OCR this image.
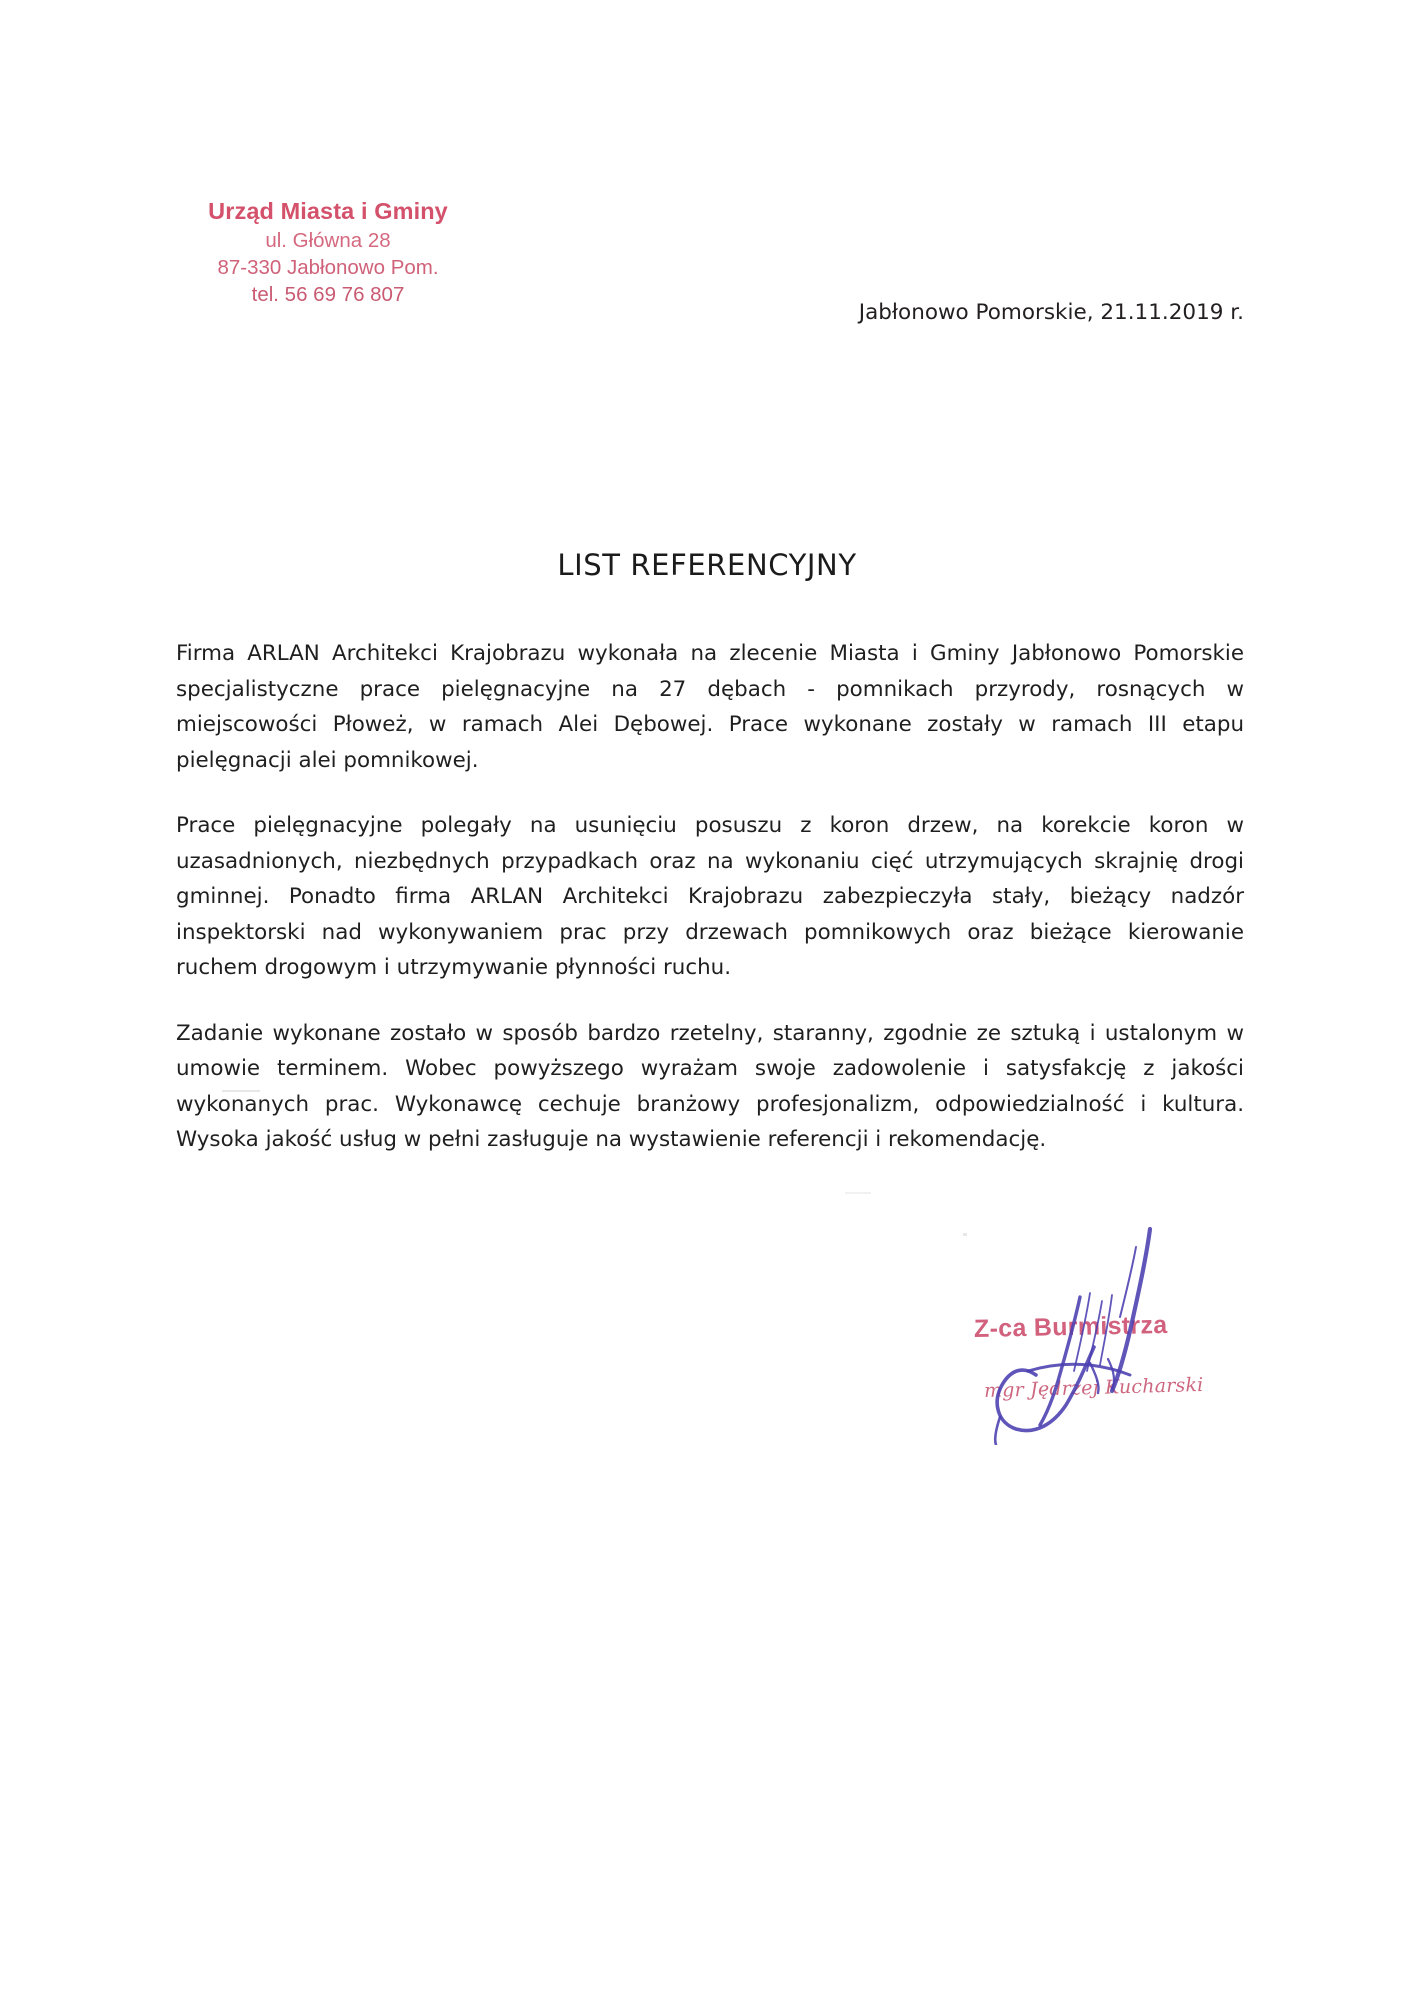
Urząd Miasta i Gminy
ul. Główna 28
87-330 Jabłonowo Pom.
tel. 56 69 76 807
Jabłonowo Pomorskie, 21.11.2019 r.
LIST REFERENCYJNY

Firma ARLAN Architekci Krajobrazu wykonała na zlecenie Miasta i Gminy Jabłonowo Pomorskie specjalistyczne prace pielęgnacyjne na 27 dębach - pomnikach przyrody, rosnących w miejscowości Płoweż, w ramach Alei Dębowej. Prace wykonane zostały w ramach III etapu pielęgnacji alei pomnikowej.

Prace pielęgnacyjne polegały na usunięciu posuszu z koron drzew, na korekcie koron w uzasadnionych, niezbędnych przypadkach oraz na wykonaniu cięć utrzymujących skrajnię drogi gminnej. Ponadto firma ARLAN Architekci Krajobrazu zabezpieczyła stały, bieżący nadzór inspektorski nad wykonywaniem prac przy drzewach pomnikowych oraz bieżące kierowanie ruchem drogowym i utrzymywanie płynności ruchu.

Zadanie wykonane zostało w sposób bardzo rzetelny, staranny, zgodnie ze sztuką i ustalonym w umowie terminem. Wobec powyższego wyrażam swoje zadowolenie i satysfakcję z jakości wykonanych prac. Wykonawcę cechuje branżowy profesjonalizm, odpowiedzialność i kultura. Wysoka jakość usług w pełni zasługuje na wystawienie referencji i rekomendację.

Z-ca Burmistrza
mgr Jędrzej Kucharski
